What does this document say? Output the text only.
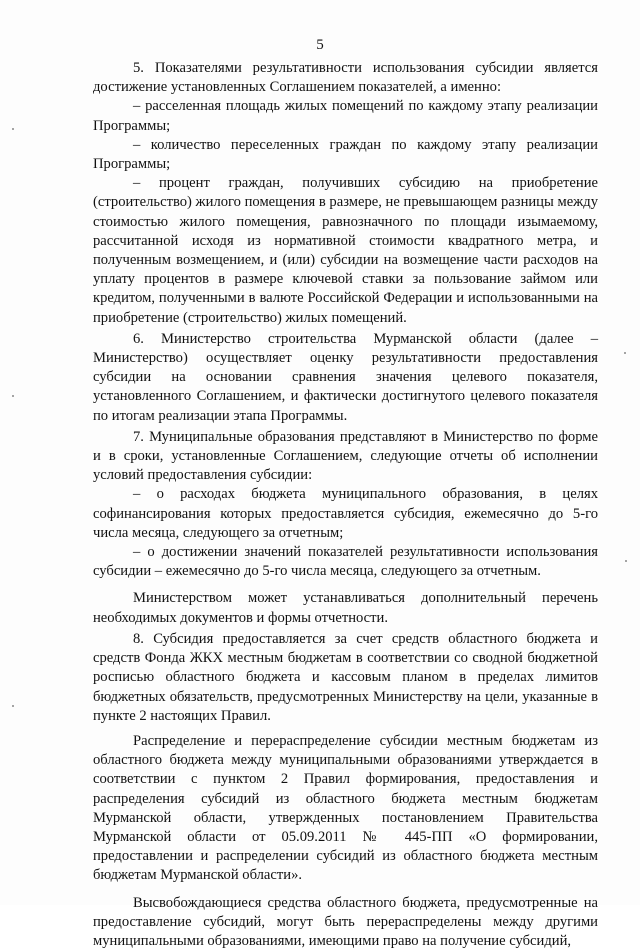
5

5. Показателями результативности использования субсидии является достижение установленных Соглашением показателей, а именно:

– расселенная площадь жилых помещений по каждому этапу реализации Программы;

– количество переселенных граждан по каждому этапу реализации Программы;

– процент граждан, получивших субсидию на приобретение (строительство) жилого помещения в размере, не превышающем разницы между стоимостью жилого помещения, равнозначного по площади изымаемому, рассчитанной исходя из нормативной стоимости квадратного метра, и полученным возмещением, и (или) субсидии на возмещение части расходов на уплату процентов в размере ключевой ставки за пользование займом или кредитом, полученными в валюте Российской Федерации и использованными на приобретение (строительство) жилых помещений.

6. Министерство строительства Мурманской области (далее – Министерство) осуществляет оценку результативности предоставления субсидии на основании сравнения значения целевого показателя, установленного Соглашением, и фактически достигнутого целевого показателя по итогам реализации этапа Программы.

7. Муниципальные образования представляют в Министерство по форме и в сроки, установленные Соглашением, следующие отчеты об исполнении условий предоставления субсидии:

– о расходах бюджета муниципального образования, в целях софинансирования которых предоставляется субсидия, ежемесячно до 5-го числа месяца, следующего за отчетным;

– о достижении значений показателей результативности использования субсидии – ежемесячно до 5-го числа месяца, следующего за отчетным.

Министерством может устанавливаться дополнительный перечень необходимых документов и формы отчетности.

8. Субсидия предоставляется за счет средств областного бюджета и средств Фонда ЖКХ местным бюджетам в соответствии со сводной бюджетной росписью областного бюджета и кассовым планом в пределах лимитов бюджетных обязательств, предусмотренных Министерству на цели, указанные в пункте 2 настоящих Правил.

Распределение и перераспределение субсидии местным бюджетам из областного бюджета между муниципальными образованиями утверждается в соответствии с пунктом 2 Правил формирования, предоставления и распределения субсидий из областного бюджета местным бюджетам Мурманской области, утвержденных постановлением Правительства Мурманской области от 05.09.2011 № 445-ПП «О формировании, предоставлении и распределении субсидий из областного бюджета местным бюджетам Мурманской области».

Высвобождающиеся средства областного бюджета, предусмотренные на предоставление субсидий, могут быть перераспределены между другими муниципальными образованиями, имеющими право на получение субсидий,
